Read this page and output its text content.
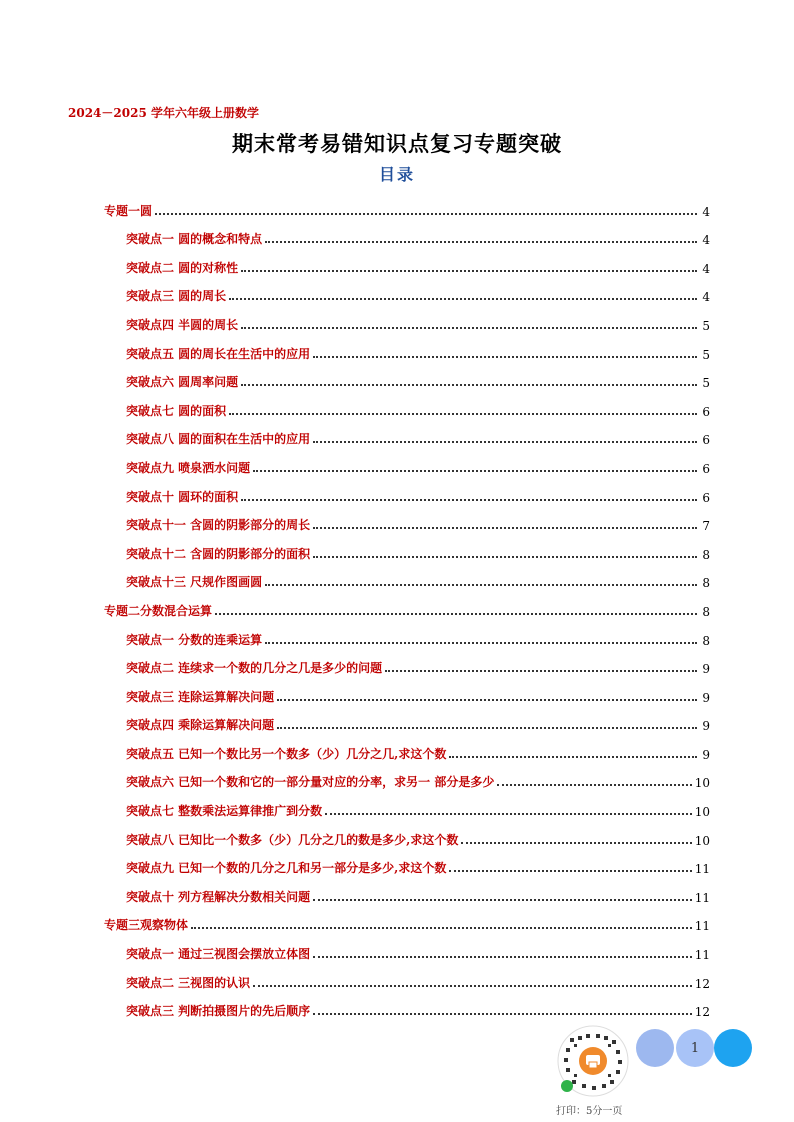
2024－2025 学年六年级上册数学
期末常考易错知识点复习专题突破
目录
专题一圆	4
突破点一 圆的概念和特点	4
突破点二 圆的对称性	4
突破点三 圆的周长	4
突破点四 半圆的周长	5
突破点五 圆的周长在生活中的应用	5
突破点六 圆周率问题	5
突破点七 圆的面积	6
突破点八 圆的面积在生活中的应用	6
突破点九 喷泉洒水问题	6
突破点十 圆环的面积	6
突破点十一 含圆的阴影部分的周长	7
突破点十二 含圆的阴影部分的面积	8
突破点十三 尺规作图画圆	8
专题二分数混合运算	8
突破点一 分数的连乘运算	8
突破点二 连续求一个数的几分之几是多少的问题	9
突破点三 连除运算解决问题	9
突破点四 乘除运算解决问题	9
突破点五 已知一个数比另一个数多（少）几分之几,求这个数	9
突破点六 已知一个数和它的一部分量对应的分率，求另一 部分是多少	10
突破点七 整数乘法运算律推广到分数	10
突破点八 已知比一个数多（少）几分之几的数是多少,求这个数	10
突破点九 已知一个数的几分之几和另一部分是多少,求这个数	11
突破点十 列方程解决分数相关问题	11
专题三观察物体	11
突破点一 通过三视图会摆放立体图	11
突破点二 三视图的认识	12
突破点三 判断拍摄图片的先后顺序	12
打印：5分一页
1
